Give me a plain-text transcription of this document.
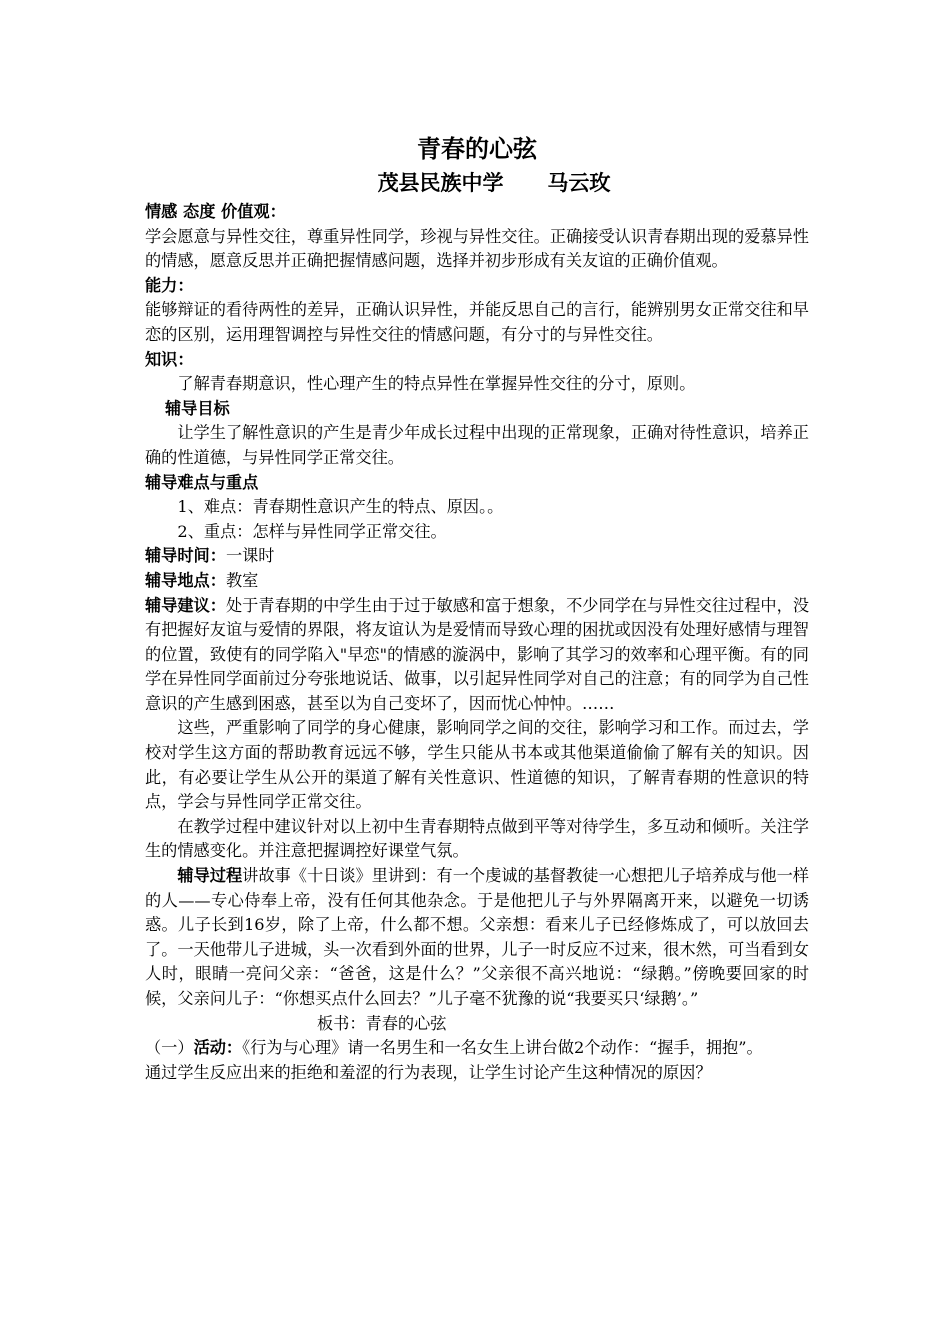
青春的心弦

茂县民族中学      马云玫

情感 态度 价值观：

学会愿意与异性交往，尊重异性同学，珍视与异性交往。正确接受认识青春期出现的爱慕异性的情感，愿意反思并正确把握情感问题，选择并初步形成有关友谊的正确价值观。

能力：

能够辩证的看待两性的差异，正确认识异性，并能反思自己的言行，能辨别男女正常交往和早恋的区别，运用理智调控与异性交往的情感问题，有分寸的与异性交往。

知识：

了解青春期意识，性心理产生的特点异性在掌握异性交往的分寸，原则。

辅导目标

让学生了解性意识的产生是青少年成长过程中出现的正常现象，正确对待性意识，培养正确的性道德，与异性同学正常交往。

辅导难点与重点

1、难点：青春期性意识产生的特点、原因。。

2、重点：怎样与异性同学正常交往。

辅导时间：一课时

辅导地点：教室

辅导建议：处于青春期的中学生由于过于敏感和富于想象，不少同学在与异性交往过程中，没有把握好友谊与爱情的界限，将友谊认为是爱情而导致心理的困扰或因没有处理好感情与理智的位置，致使有的同学陷入"早恋"的情感的漩涡中，影响了其学习的效率和心理平衡。有的同学在异性同学面前过分夸张地说话、做事，以引起异性同学对自己的注意；有的同学为自己性意识的产生感到困惑，甚至以为自己变坏了，因而忧心忡忡。……

这些，严重影响了同学的身心健康，影响同学之间的交往，影响学习和工作。而过去，学校对学生这方面的帮助教育远远不够，学生只能从书本或其他渠道偷偷了解有关的知识。因此，有必要让学生从公开的渠道了解有关性意识、性道德的知识，了解青春期的性意识的特点，学会与异性同学正常交往。

在教学过程中建议针对以上初中生青春期特点做到平等对待学生，多互动和倾听。关注学生的情感变化。并注意把握调控好课堂气氛。

辅导过程讲故事《十日谈》里讲到：有一个虔诚的基督教徒一心想把儿子培养成与他一样的人——专心侍奉上帝，没有任何其他杂念。于是他把儿子与外界隔离开来，以避免一切诱惑。儿子长到16岁，除了上帝，什么都不想。父亲想：看来儿子已经修炼成了，可以放回去了。一天他带儿子进城，头一次看到外面的世界，儿子一时反应不过来，很木然，可当看到女人时，眼睛一亮问父亲：“爸爸，这是什么？”父亲很不高兴地说：“绿鹅。”傍晚要回家的时候，父亲问儿子：“你想买点什么回去？”儿子毫不犹豫的说“我要买只‘绿鹅’。”

板书：青春的心弦

（一）活动：《行为与心理》请一名男生和一名女生上讲台做2个动作：“握手，拥抱”。

通过学生反应出来的拒绝和羞涩的行为表现，让学生讨论产生这种情况的原因？
